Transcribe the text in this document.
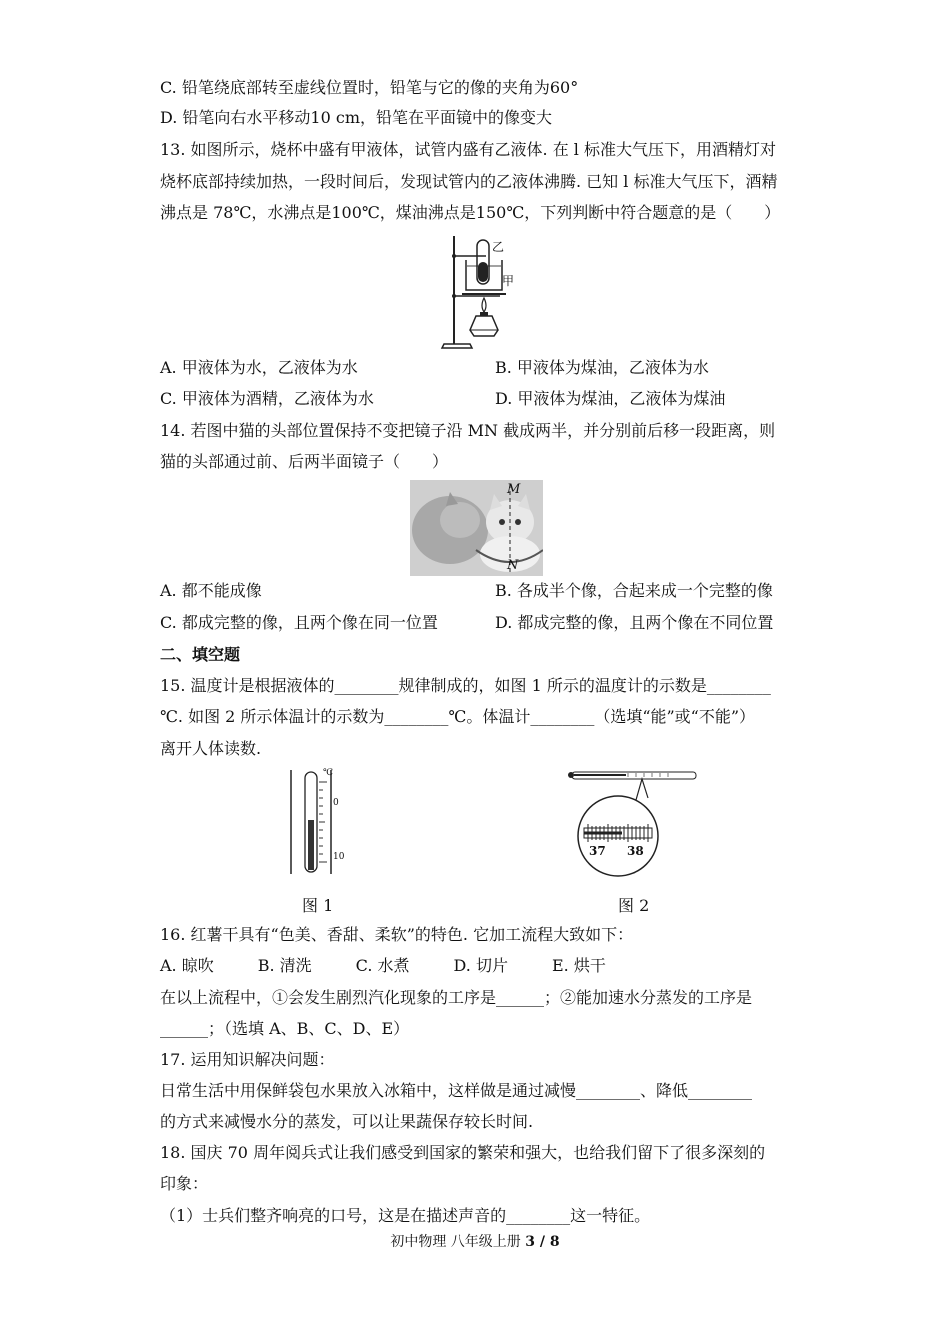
C. 铅笔绕底部转至虚线位置时，铅笔与它的像的夹角为60°
D. 铅笔向右水平移动10 cm，铅笔在平面镜中的像变大
13. 如图所示，烧杯中盛有甲液体，试管内盛有乙液体. 在 l 标准大气压下，用酒精灯对
烧杯底部持续加热，一段时间后，发现试管内的乙液体沸腾. 已知 l 标准大气压下，酒精
沸点是 78℃，水沸点是100℃，煤油沸点是150℃，下列判断中符合题意的是（　　）
乙
甲
A. 甲液体为水，乙液体为水	B. 甲液体为煤油，乙液体为水
C. 甲液体为酒精，乙液体为水	D. 甲液体为煤油，乙液体为煤油
14. 若图中猫的头部位置保持不变把镜子沿 MN 截成两半，并分别前后移一段距离，则
猫的头部通过前、后两半面镜子（　　）
M
N
A. 都不能成像	B. 各成半个像，合起来成一个完整的像
C. 都成完整的像，且两个像在同一位置	D. 都成完整的像，且两个像在不同位置
二、填空题
15. 温度计是根据液体的________规律制成的，如图 1 所示的温度计的示数是________
℃. 如图 2 所示体温计的示数为________℃。体温计________（选填“能”或“不能”）
离开人体读数.
℃
0
10	37 38
图 1	图 2
16. 红薯干具有“色美、香甜、柔软”的特色. 它加工流程大致如下：
A. 晾吹	B. 清洗	C. 水煮	D. 切片	E. 烘干
在以上流程中，①会发生剧烈汽化现象的工序是______；②能加速水分蒸发的工序是
______；（选填 A、B、C、D、E）
17. 运用知识解决问题：
日常生活中用保鲜袋包水果放入冰箱中，这样做是通过减慢________、降低________
的方式来减慢水分的蒸发，可以让果蔬保存较长时间.
18. 国庆 70 周年阅兵式让我们感受到国家的繁荣和强大，也给我们留下了很多深刻的
印象：
（1）士兵们整齐响亮的口号，这是在描述声音的________这一特征。
初中物理 八年级上册 3 / 8
